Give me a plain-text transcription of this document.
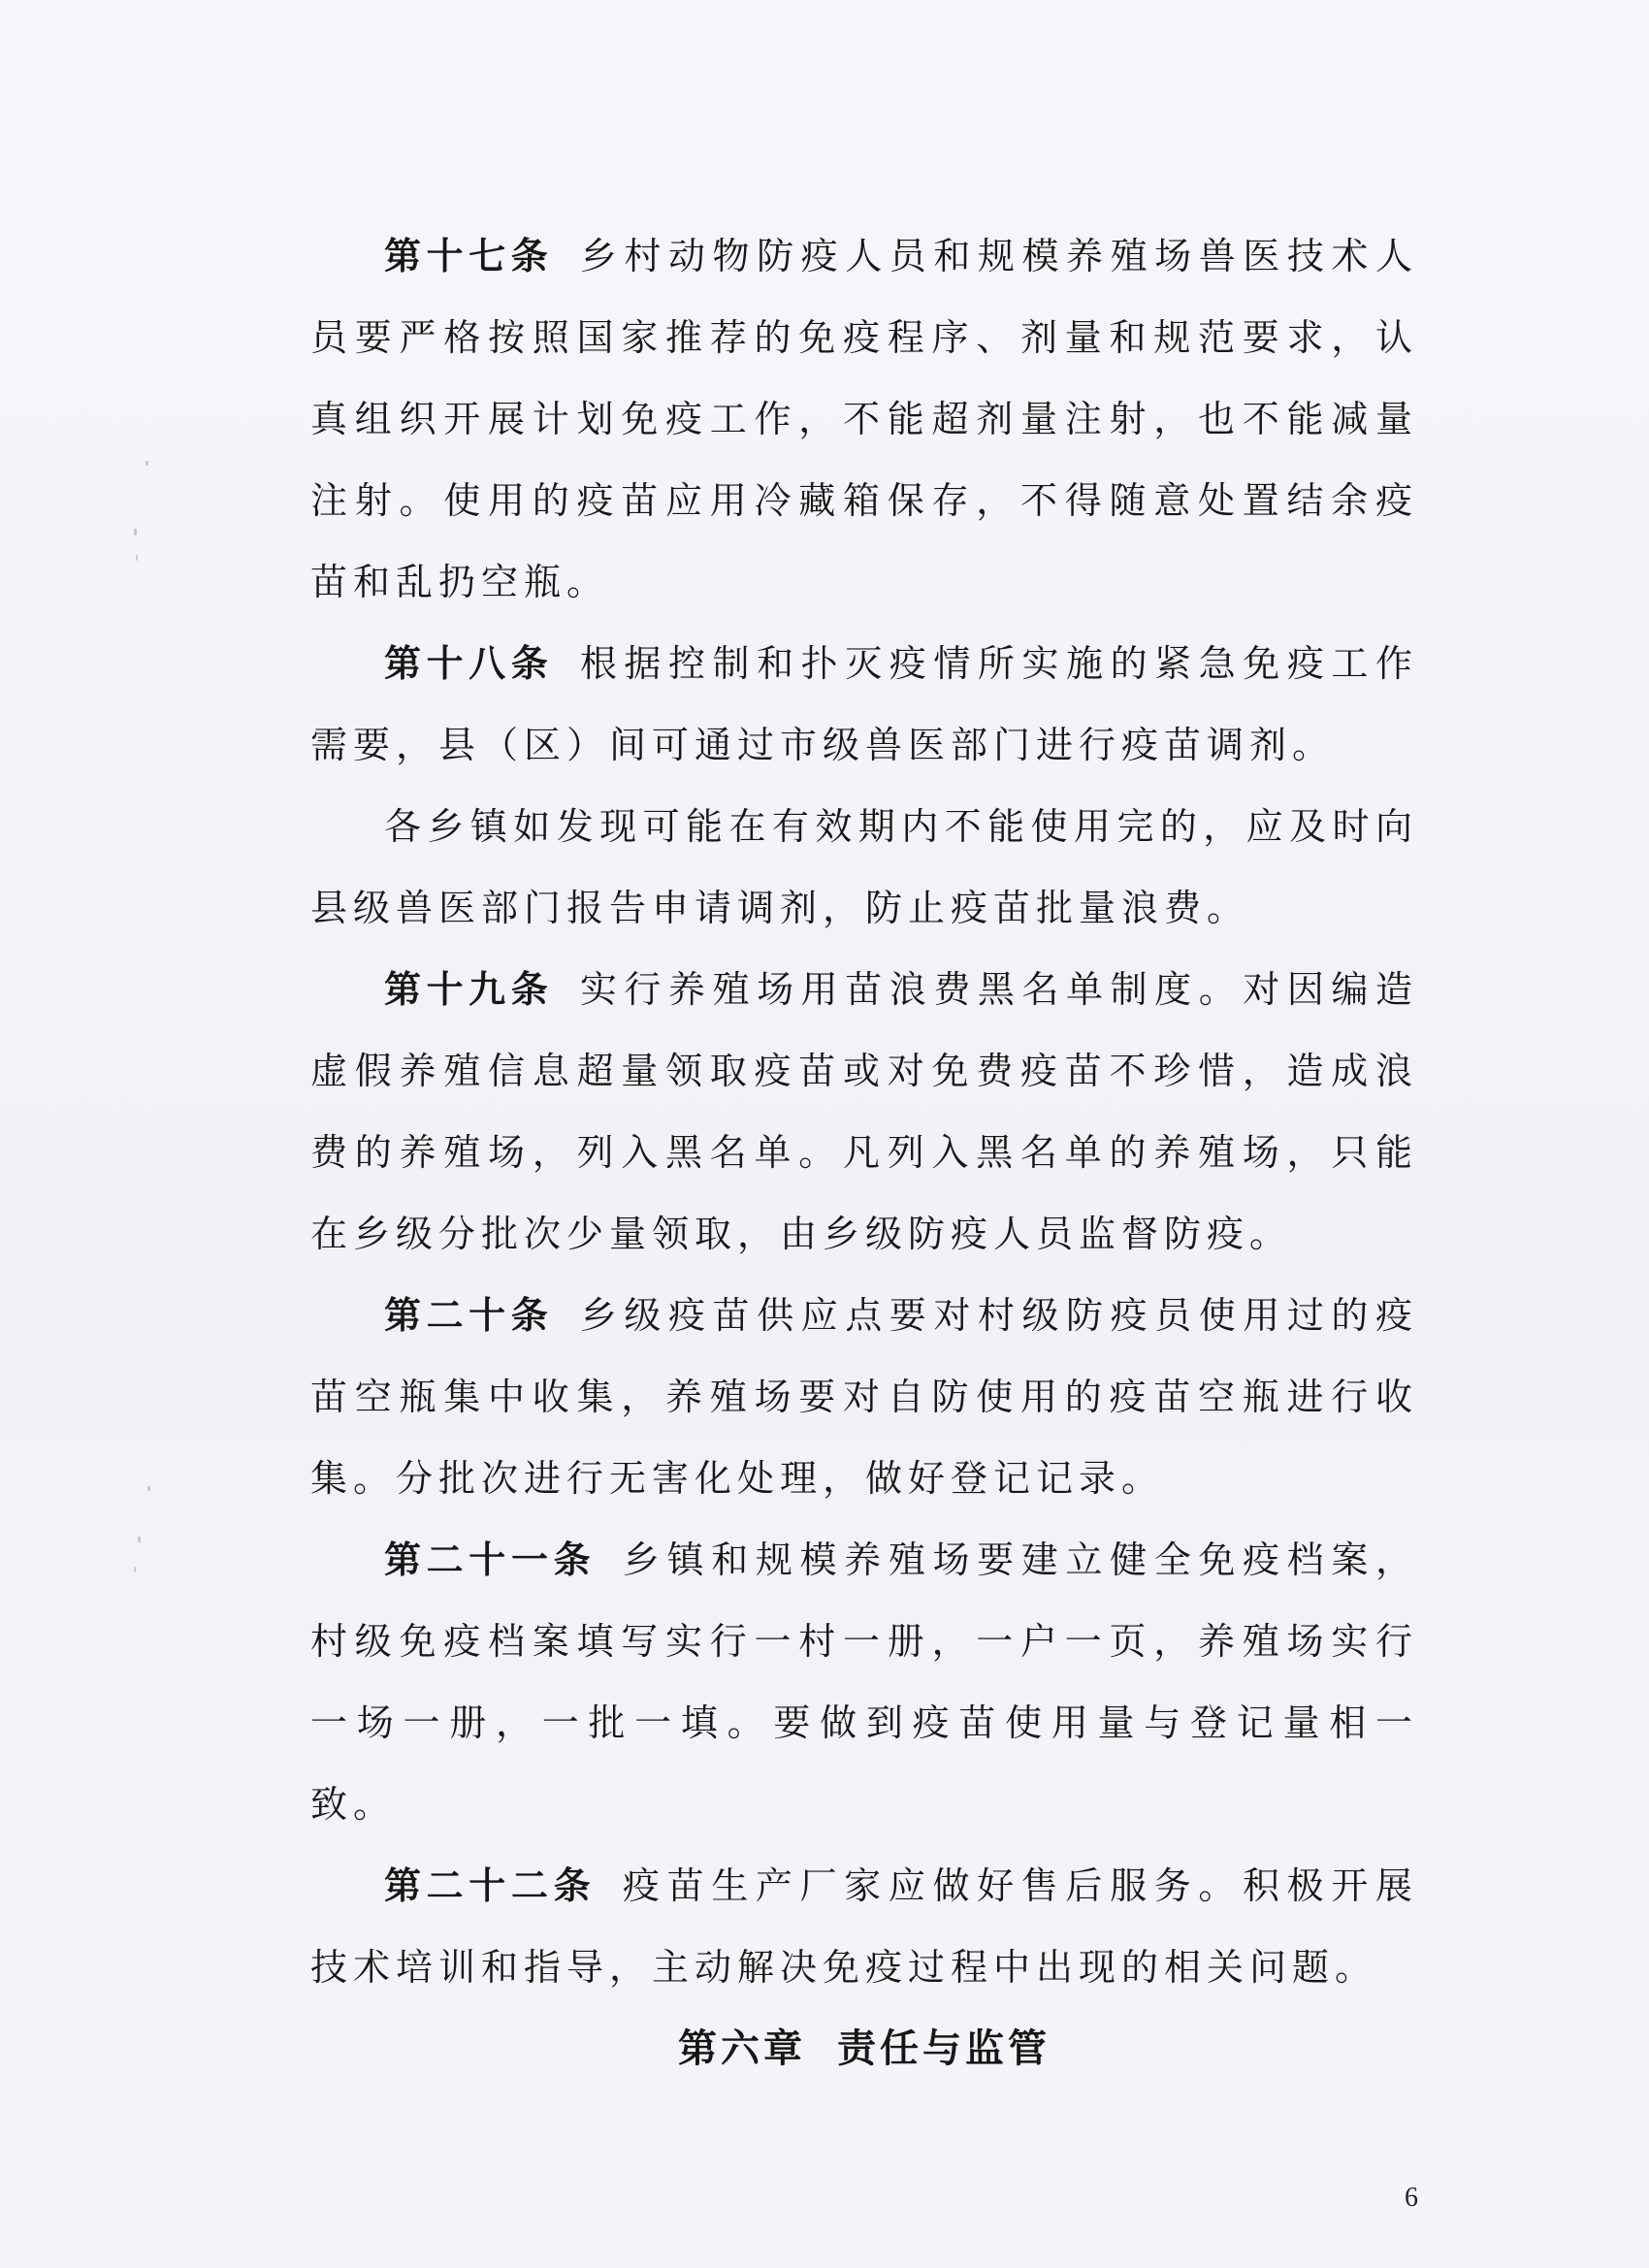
第十七条 乡村动物防疫人员和规模养殖场兽医技术人员要严格按照国家推荐的免疫程序、剂量和规范要求，认真组织开展计划免疫工作，不能超剂量注射，也不能减量注射。使用的疫苗应用冷藏箱保存，不得随意处置结余疫苗和乱扔空瓶。

第十八条 根据控制和扑灭疫情所实施的紧急免疫工作需要，县（区）间可通过市级兽医部门进行疫苗调剂。

各乡镇如发现可能在有效期内不能使用完的，应及时向县级兽医部门报告申请调剂，防止疫苗批量浪费。

第十九条 实行养殖场用苗浪费黑名单制度。对因编造虚假养殖信息超量领取疫苗或对免费疫苗不珍惜，造成浪费的养殖场，列入黑名单。凡列入黑名单的养殖场，只能在乡级分批次少量领取，由乡级防疫人员监督防疫。

第二十条 乡级疫苗供应点要对村级防疫员使用过的疫苗空瓶集中收集，养殖场要对自防使用的疫苗空瓶进行收集。分批次进行无害化处理，做好登记记录。

第二十一条 乡镇和规模养殖场要建立健全免疫档案，村级免疫档案填写实行一村一册，一户一页，养殖场实行一场一册，一批一填。要做到疫苗使用量与登记量相一致。

第二十二条 疫苗生产厂家应做好售后服务。积极开展技术培训和指导，主动解决免疫过程中出现的相关问题。

第六章 责任与监管
6
